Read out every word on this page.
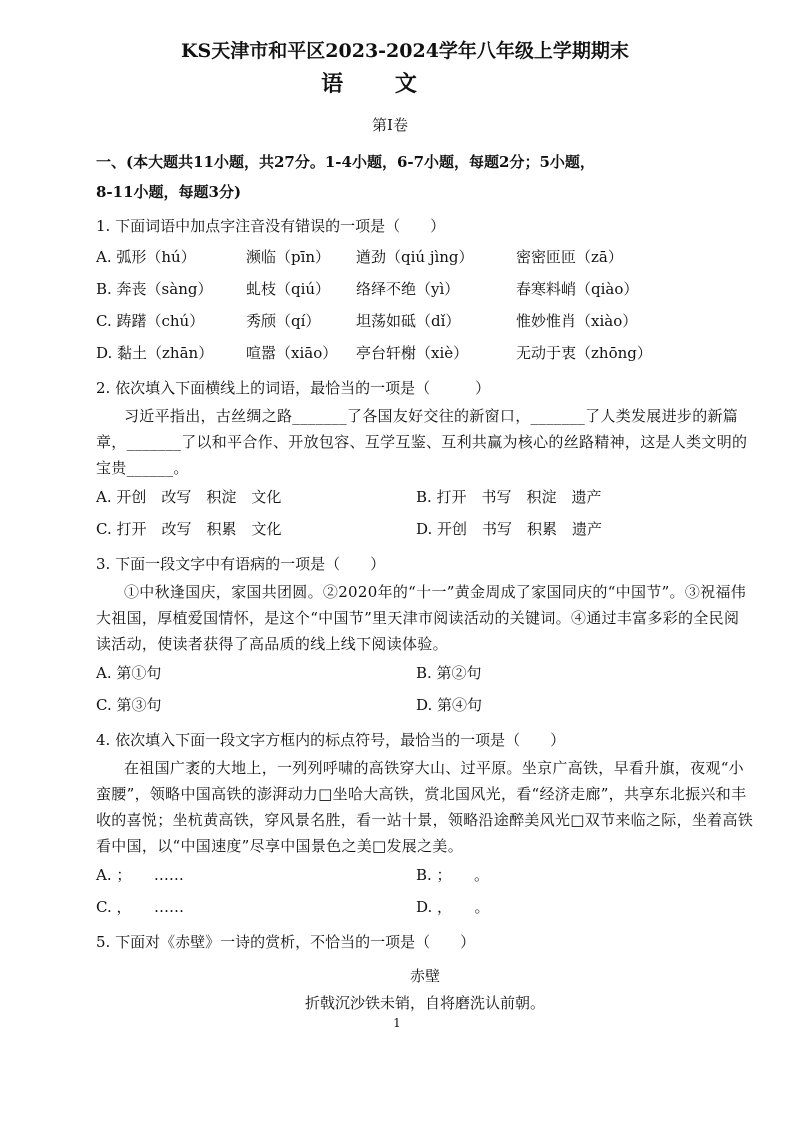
KS天津市和平区2023-2024学年八年级上学期期末
语 文
第Ⅰ卷
一、(本大题共11小题，共27分。1-4小题，6-7小题，每题2分；5小题，
8-11小题，每题3分)
1. 下面词语中加点字注音没有错误的一项是（　　）
A. 弧形（hú）	濒临（pīn）	遒劲（qiú jìng）	密密匝匝（zā）
B. 奔丧（sàng）	虬枝（qiú）	络绎不绝（yì）	春寒料峭（qiào）
C. 踌躇（chú）	秀颀（qí）	坦荡如砥（dǐ）	惟妙惟肖（xiào）
D. 黏土（zhān）	喧嚣（xiāo）	亭台轩榭（xiè）	无动于衷（zhōng）
2. 依次填入下面横线上的词语，最恰当的一项是（　　　）
习近平指出，古丝绸之路_______了各国友好交往的新窗口，_______了人类发展进步的新篇章，_______了以和平合作、开放包容、互学互鉴、互利共赢为核心的丝路精神，这是人类文明的宝贵______。
A. 开创　改写　积淀　文化	B. 打开　书写　积淀　遗产
C. 打开　改写　积累　文化	D. 开创　书写　积累　遗产
3. 下面一段文字中有语病的一项是（　　）
①中秋逢国庆，家国共团圆。②2020年的“十一”黄金周成了家国同庆的“中国节”。③祝福伟大祖国，厚植爱国情怀，是这个“中国节”里天津市阅读活动的关键词。④通过丰富多彩的全民阅读活动，使读者获得了高品质的线上线下阅读体验。
A. 第①句	B. 第②句
C. 第③句	D. 第④句
4. 依次填入下面一段文字方框内的标点符号，最恰当的一项是（　　）
在祖国广袤的大地上，一列列呼啸的高铁穿大山、过平原。坐京广高铁，早看升旗，夜观“小蛮腰”，领略中国高铁的澎湃动力□坐哈大高铁，赏北国风光，看“经济走廊”，共享东北振兴和丰收的喜悦；坐杭黄高铁，穿风景名胜，看一站十景，领略沿途醉美风光□双节来临之际，坐着高铁看中国，以“中国速度”尽享中国景色之美□发展之美。
A. ；　　……	B. ；　　。
C. ，　　……	D. ，　　。
5. 下面对《赤壁》一诗的赏析，不恰当的一项是（　　）
赤壁
折戟沉沙铁未销，自将磨洗认前朝。
1
